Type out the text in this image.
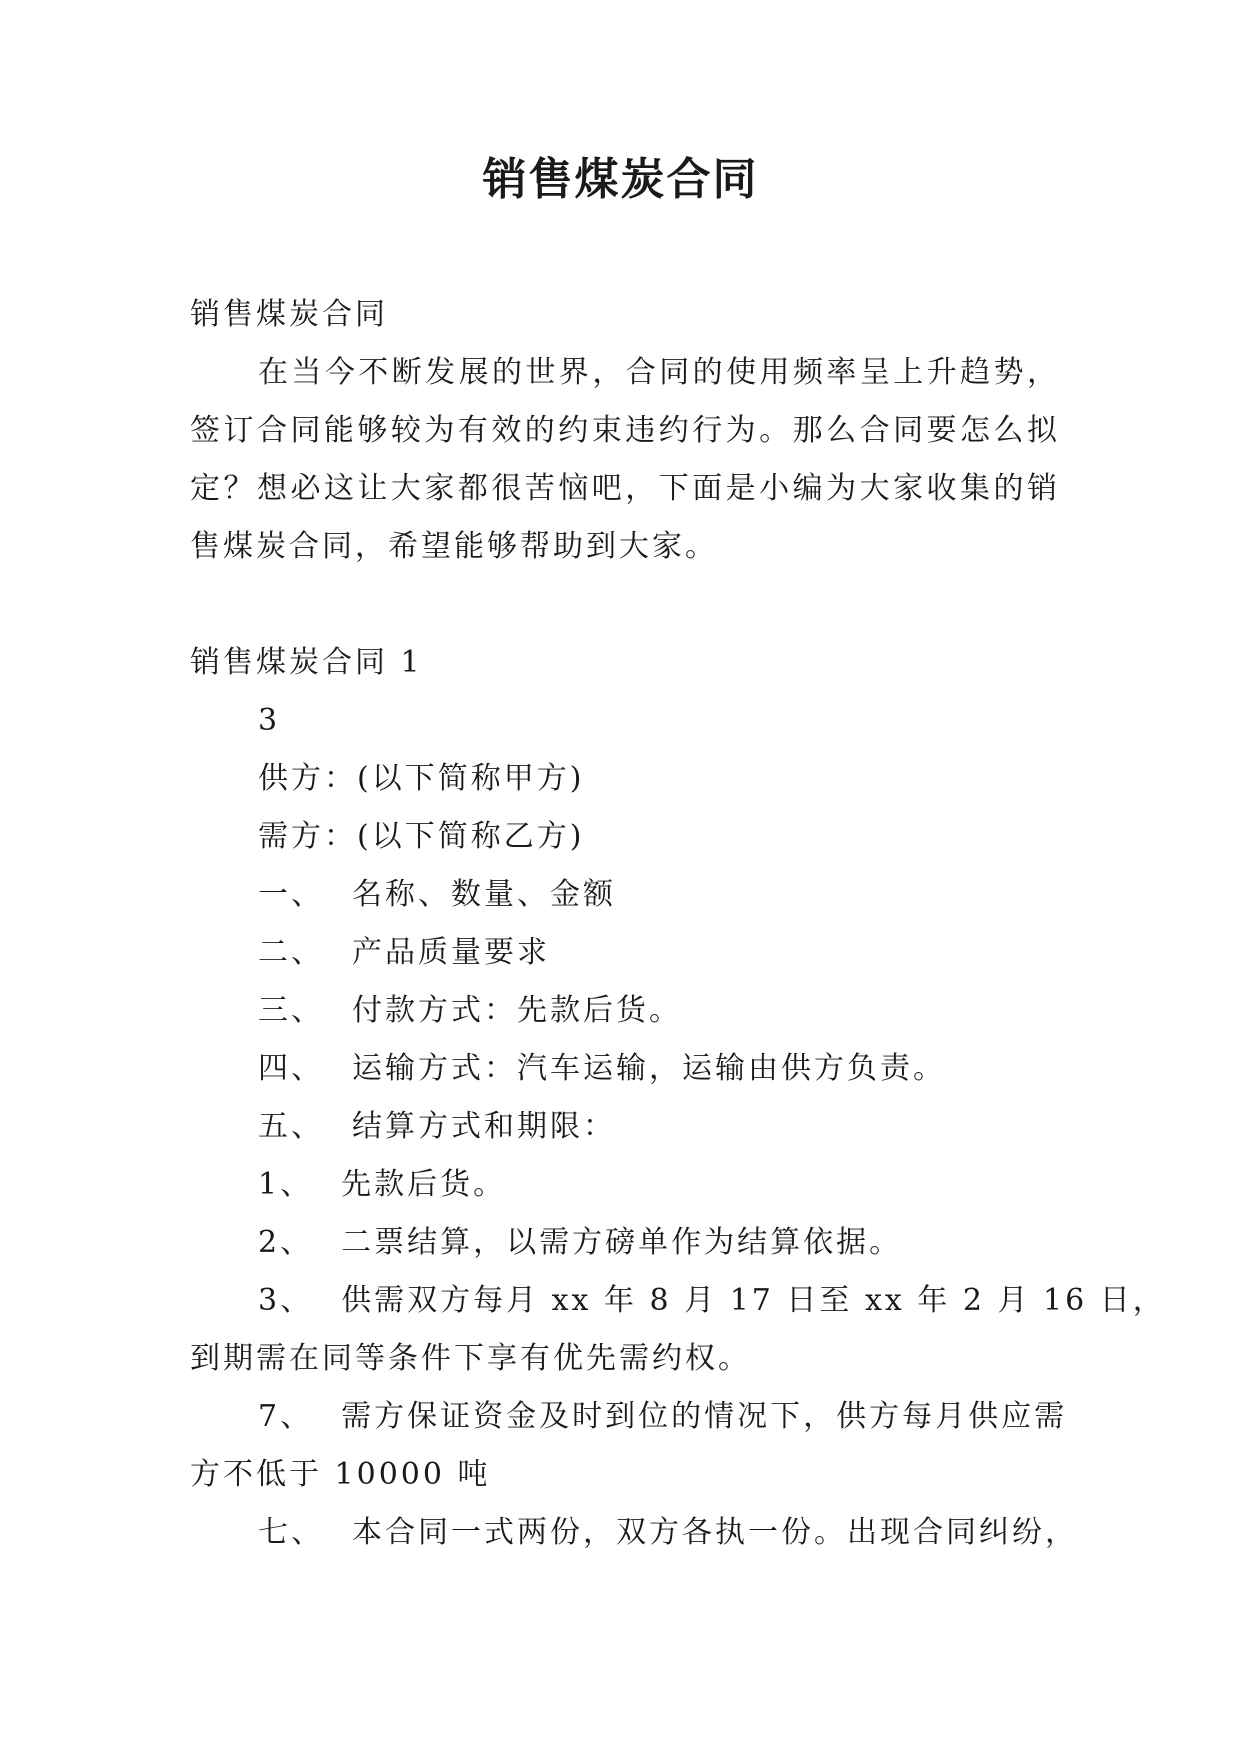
销售煤炭合同
销售煤炭合同
在当今不断发展的世界，合同的使用频率呈上升趋势，
签订合同能够较为有效的约束违约行为。那么合同要怎么拟
定？想必这让大家都很苦恼吧，下面是小编为大家收集的销
售煤炭合同，希望能够帮助到大家。
销售煤炭合同 1
3
供方：(以下简称甲方)
需方：(以下简称乙方)
一、 名称、数量、金额
二、 产品质量要求
三、 付款方式：先款后货。
四、 运输方式：汽车运输，运输由供方负责。
五、 结算方式和期限：
1、 先款后货。
2、 二票结算，以需方磅单作为结算依据。
3、 供需双方每月 xx 年 8 月 17 日至 xx 年 2 月 16 日，
到期需在同等条件下享有优先需约权。
7、 需方保证资金及时到位的情况下，供方每月供应需
方不低于 10000 吨
七、 本合同一式两份，双方各执一份。出现合同纠纷，
